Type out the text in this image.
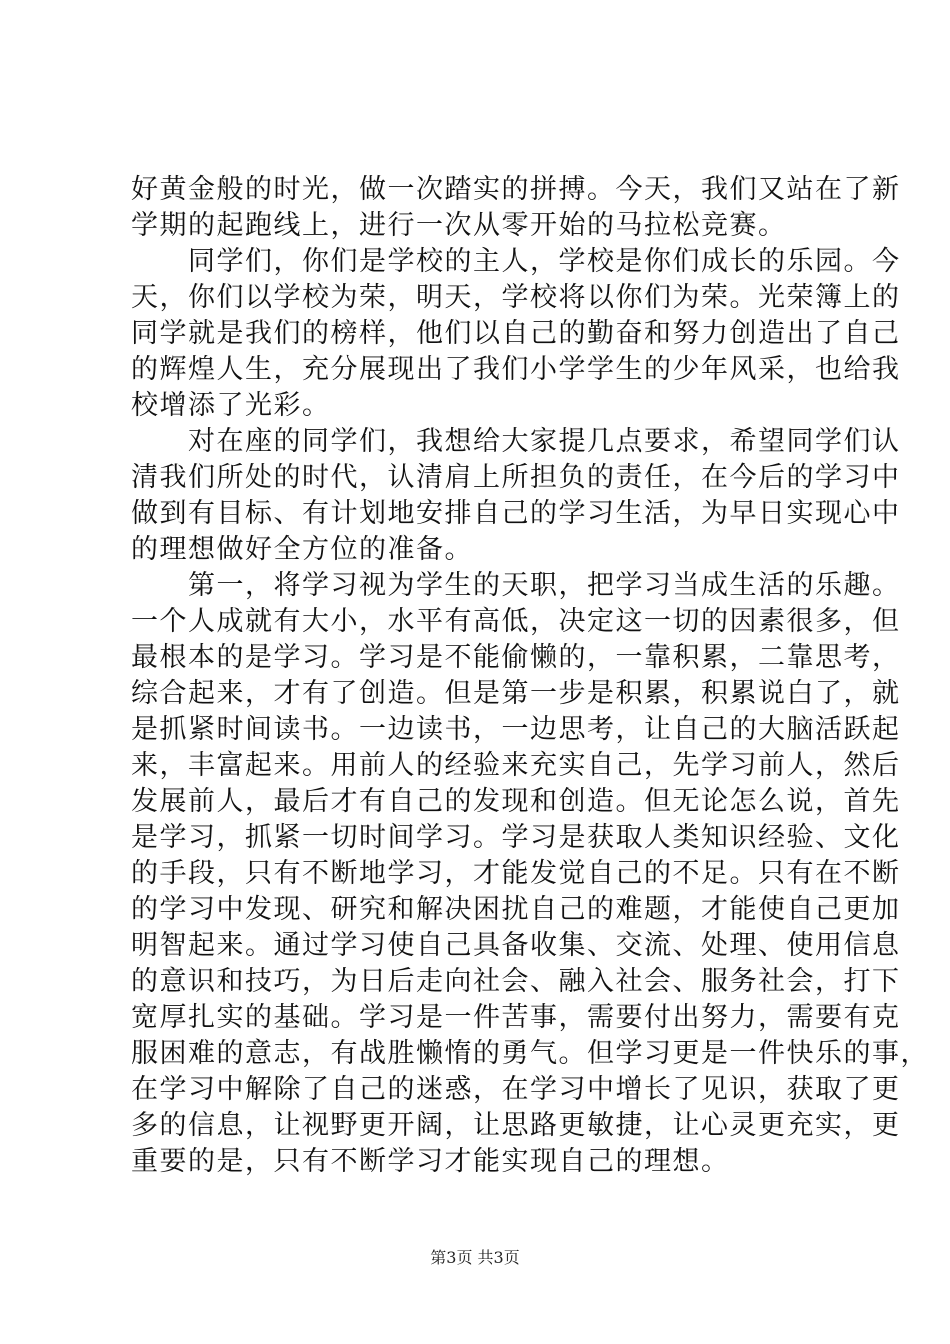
好黄金般的时光，做一次踏实的拼搏。今天，我们又站在了新
学期的起跑线上，进行一次从零开始的马拉松竞赛。
　　同学们，你们是学校的主人，学校是你们成长的乐园。今
天，你们以学校为荣，明天，学校将以你们为荣。光荣簿上的
同学就是我们的榜样，他们以自己的勤奋和努力创造出了自己
的辉煌人生，充分展现出了我们小学学生的少年风采，也给我
校增添了光彩。
　　对在座的同学们，我想给大家提几点要求，希望同学们认
清我们所处的时代，认清肩上所担负的责任，在今后的学习中
做到有目标、有计划地安排自己的学习生活，为早日实现心中
的理想做好全方位的准备。
　　第一，将学习视为学生的天职，把学习当成生活的乐趣。
一个人成就有大小，水平有高低，决定这一切的因素很多，但
最根本的是学习。学习是不能偷懒的，一靠积累，二靠思考，
综合起来，才有了创造。但是第一步是积累，积累说白了，就
是抓紧时间读书。一边读书，一边思考，让自己的大脑活跃起
来，丰富起来。用前人的经验来充实自己，先学习前人，然后
发展前人，最后才有自己的发现和创造。但无论怎么说，首先
是学习，抓紧一切时间学习。学习是获取人类知识经验、文化
的手段，只有不断地学习，才能发觉自己的不足。只有在不断
的学习中发现、研究和解决困扰自己的难题，才能使自己更加
明智起来。通过学习使自己具备收集、交流、处理、使用信息
的意识和技巧，为日后走向社会、融入社会、服务社会，打下
宽厚扎实的基础。学习是一件苦事，需要付出努力，需要有克
服困难的意志，有战胜懒惰的勇气。但学习更是一件快乐的事，
在学习中解除了自己的迷惑，在学习中增长了见识，获取了更
多的信息，让视野更开阔，让思路更敏捷，让心灵更充实，更
重要的是，只有不断学习才能实现自己的理想。
第3页 共3页
